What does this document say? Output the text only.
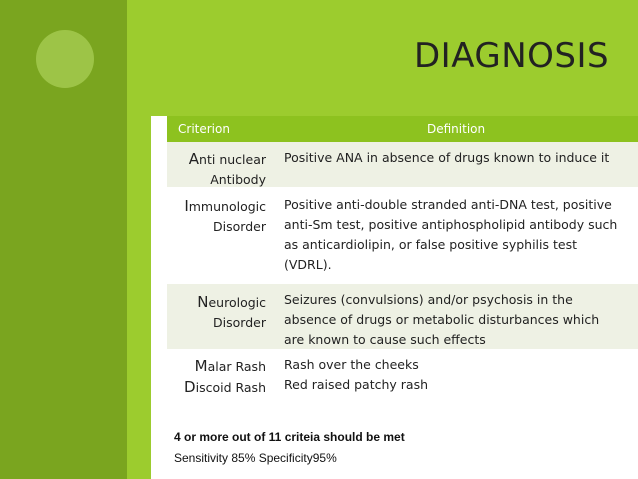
DIAGNOSIS
Criterion	Definition
Anti nuclear
Antibody
Positive ANA in absence of drugs known to induce it
Immunologic
Disorder
Positive anti-double stranded anti-DNA test, positive
anti-Sm test, positive antiphospholipid antibody such
as anticardiolipin, or false positive syphilis test
(VDRL).
Neurologic
Disorder
Seizures (convulsions) and/or psychosis in the
absence of drugs or metabolic disturbances which
are known to cause such effects
Malar Rash
Discoid Rash
Rash over the cheeks
Red raised patchy rash
4 or more out of 11 criteia should be met
Sensitivity 85% Specificity95%
